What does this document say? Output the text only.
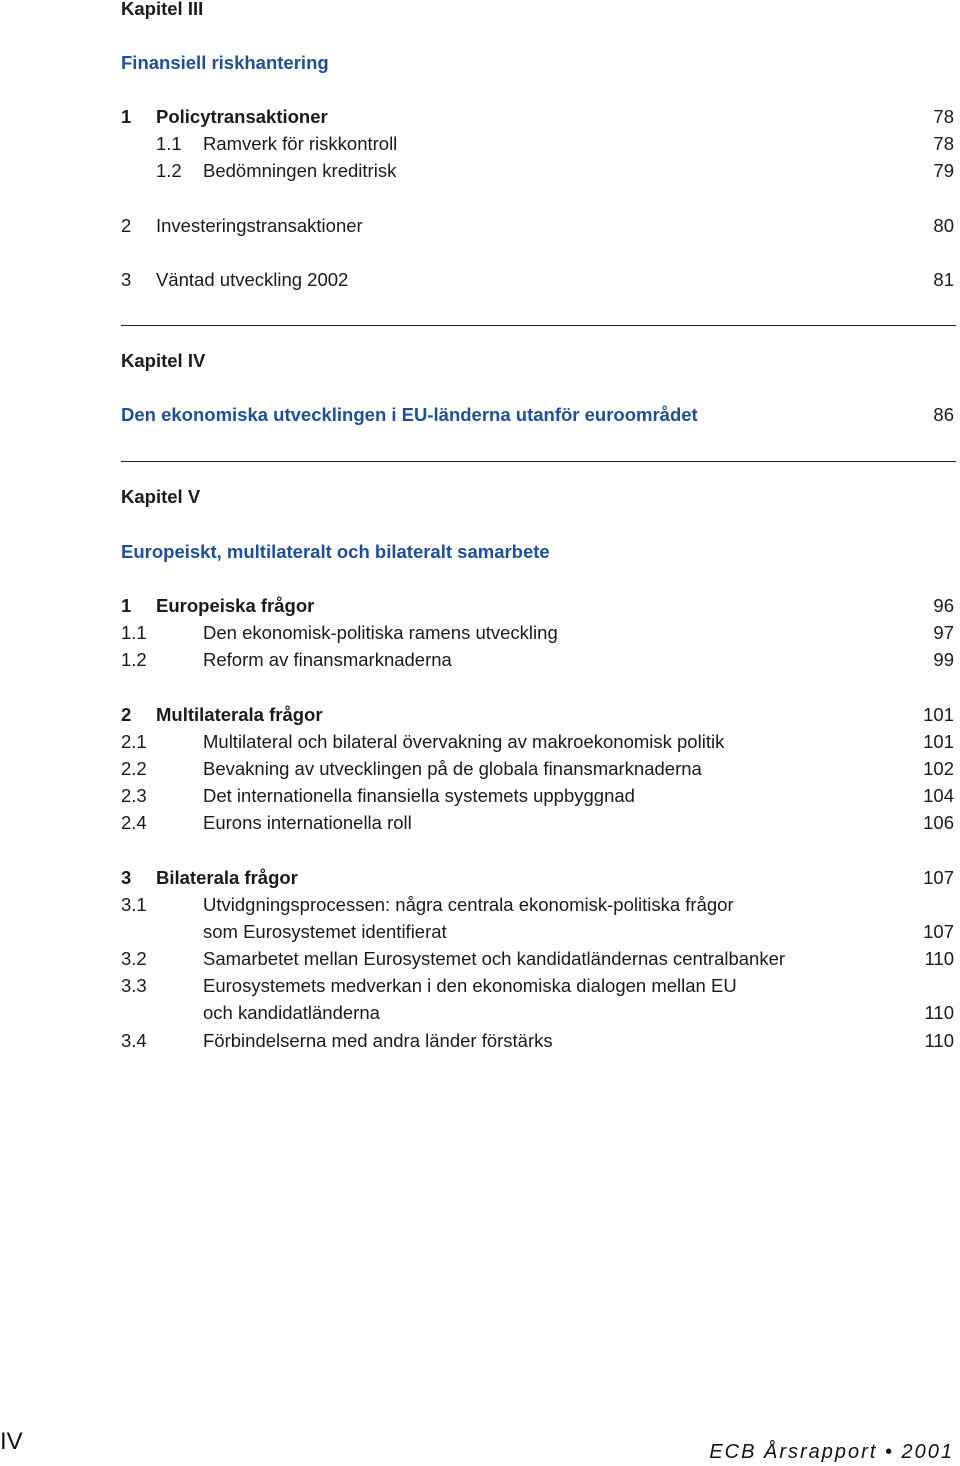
Kapitel III
Finansiell riskhantering
1 Policytransaktioner	78
1.1 Ramverk för riskkontroll	78
1.2 Bedömningen kreditrisk	79
2 Investeringstransaktioner	80
3 Väntad utveckling 2002	81
Kapitel IV
Den ekonomiska utvecklingen i EU-länderna utanför euroområdet	86
Kapitel V
Europeiskt, multilateralt och bilateralt samarbete
1 Europeiska frågor	96
1.1	Den ekonomisk-politiska ramens utveckling	97
1.2	Reform av finansmarknaderna	99
2 Multilaterala frågor	101
2.1	Multilateral och bilateral övervakning av makroekonomisk politik	101
2.2	Bevakning av utvecklingen på de globala finansmarknaderna	102
2.3	Det internationella finansiella systemets uppbyggnad	104
2.4	Eurons internationella roll	106
3 Bilaterala frågor	107
3.1	Utvidgningsprocessen: några centrala ekonomisk-politiska frågor
som Eurosystemet identifierat	107
3.2	Samarbetet mellan Eurosystemet och kandidatländernas centralbanker	110
3.3	Eurosystemets medverkan i den ekonomiska dialogen mellan EU
och kandidatländerna	110
3.4	Förbindelserna med andra länder förstärks	110
IV	ECB Årsrapport • 2001
